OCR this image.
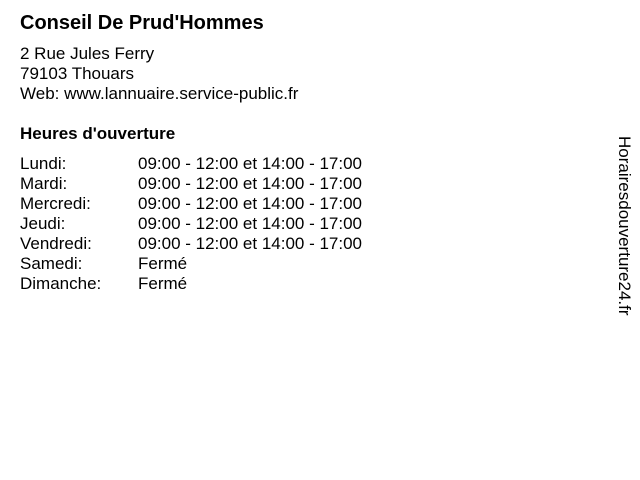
Conseil De Prud'Hommes
2 Rue Jules Ferry
79103 Thouars
Web: www.lannuaire.service-public.fr
Heures d'ouverture
Lundi:	09:00 - 12:00 et 14:00 - 17:00
Mardi:	09:00 - 12:00 et 14:00 - 17:00
Mercredi:	09:00 - 12:00 et 14:00 - 17:00
Jeudi:	09:00 - 12:00 et 14:00 - 17:00
Vendredi:	09:00 - 12:00 et 14:00 - 17:00
Samedi:	Fermé
Dimanche: Fermé	Horairesdouverture24.fr
